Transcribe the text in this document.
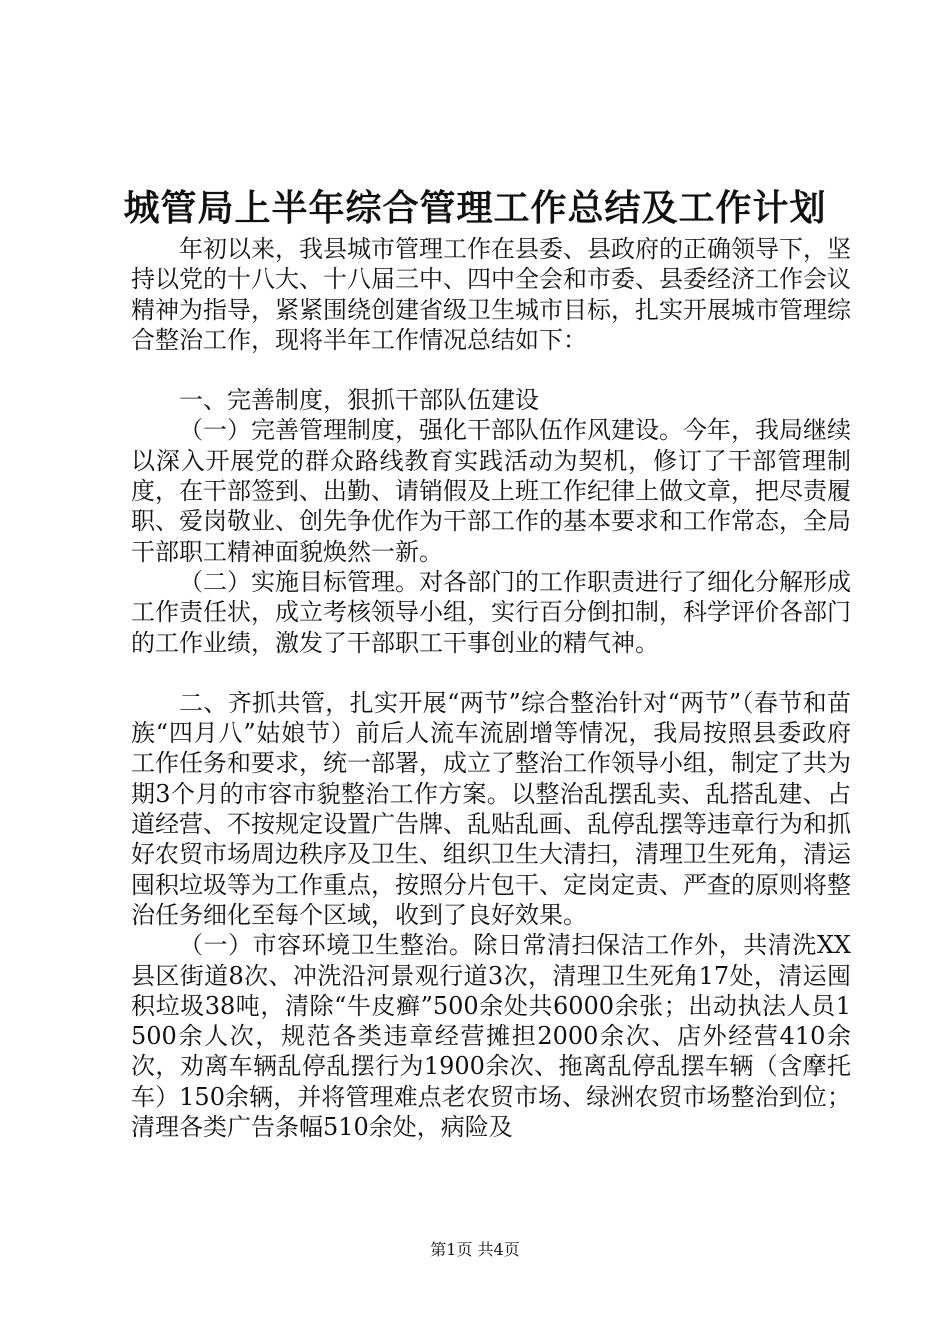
城管局上半年综合管理工作总结及工作计划

年初以来，我县城市管理工作在县委、县政府的正确领导下，坚持以党的十八大、十八届三中、四中全会和市委、县委经济工作会议精神为指导，紧紧围绕创建省级卫生城市目标，扎实开展城市管理综合整治工作，现将半年工作情况总结如下：

一、完善制度，狠抓干部队伍建设

（一）完善管理制度，强化干部队伍作风建设。今年，我局继续以深入开展党的群众路线教育实践活动为契机，修订了干部管理制度，在干部签到、出勤、请销假及上班工作纪律上做文章，把尽责履职、爱岗敬业、创先争优作为干部工作的基本要求和工作常态，全局干部职工精神面貌焕然一新。

（二）实施目标管理。对各部门的工作职责进行了细化分解形成工作责任状，成立考核领导小组，实行百分倒扣制，科学评价各部门的工作业绩，激发了干部职工干事创业的精气神。

二、齐抓共管，扎实开展“两节”综合整治针对“两节”（春节和苗族“四月八”姑娘节）前后人流车流剧增等情况，我局按照县委政府工作任务和要求，统一部署，成立了整治工作领导小组，制定了共为期3个月的市容市貌整治工作方案。以整治乱摆乱卖、乱搭乱建、占道经营、不按规定设置广告牌、乱贴乱画、乱停乱摆等违章行为和抓好农贸市场周边秩序及卫生、组织卫生大清扫，清理卫生死角，清运囤积垃圾等为工作重点，按照分片包干、定岗定责、严查的原则将整治任务细化至每个区域，收到了良好效果。

（一）市容环境卫生整治。除日常清扫保洁工作外，共清洗XX县区街道8次、冲洗沿河景观行道3次，清理卫生死角17处，清运囤积垃圾38吨，清除“牛皮癣”500余处共6000余张；出动执法人员1500余人次，规范各类违章经营摊担2000余次、店外经营410余次，劝离车辆乱停乱摆行为1900余次、拖离乱停乱摆车辆（含摩托车）150余辆，并将管理难点老农贸市场、绿洲农贸市场整治到位；清理各类广告条幅510余处，病险及

第1页 共4页
